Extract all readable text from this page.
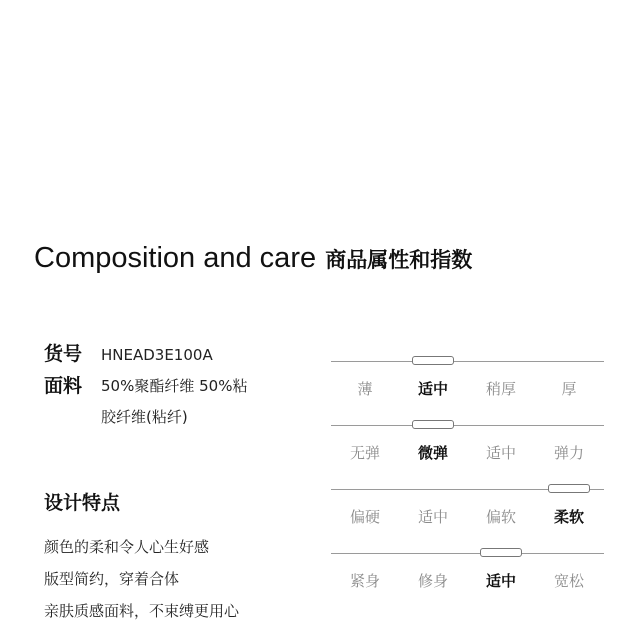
Composition and care 商品属性和指数
货号 HNEAD3E100A
面料 50%聚酯纤维 50%粘
胶纤维(粘纤)
设计特点
颜色的柔和令人心生好感
版型简约，穿着合体
亲肤质感面料，不束缚更用心
薄	适中	稍厚	厚
无弹	微弹	适中	弹力
偏硬	适中	偏软	柔软
紧身	修身	适中	宽松
